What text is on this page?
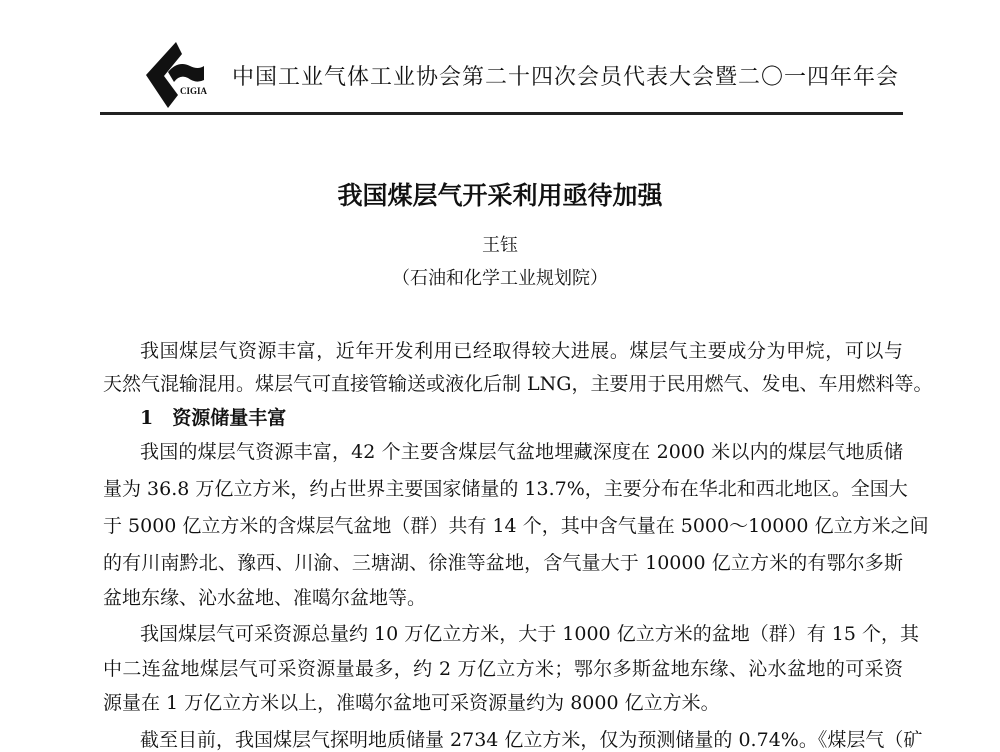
CIGIA
中国工业气体工业协会第二十四次会员代表大会暨二〇一四年年会
我国煤层气开采利用亟待加强
王钰
（石油和化学工业规划院）
我国煤层气资源丰富，近年开发利用已经取得较大进展。煤层气主要成分为甲烷，可以与
天然气混输混用。煤层气可直接管输送或液化后制 LNG，主要用于民用燃气、发电、车用燃料等。
1　资源储量丰富
我国的煤层气资源丰富，42 个主要含煤层气盆地埋藏深度在 2000 米以内的煤层气地质储
量为 36.8 万亿立方米，约占世界主要国家储量的 13.7%，主要分布在华北和西北地区。全国大
于 5000 亿立方米的含煤层气盆地（群）共有 14 个，其中含气量在 5000～10000 亿立方米之间
的有川南黔北、豫西、川渝、三塘湖、徐淮等盆地，含气量大于 10000 亿立方米的有鄂尔多斯
盆地东缘、沁水盆地、准噶尔盆地等。
我国煤层气可采资源总量约 10 万亿立方米，大于 1000 亿立方米的盆地（群）有 15 个，其
中二连盆地煤层气可采资源量最多，约 2 万亿立方米；鄂尔多斯盆地东缘、沁水盆地的可采资
源量在 1 万亿立方米以上，准噶尔盆地可采资源量约为 8000 亿立方米。
截至目前，我国煤层气探明地质储量 2734 亿立方米，仅为预测储量的 0.74%。《煤层气（矿
